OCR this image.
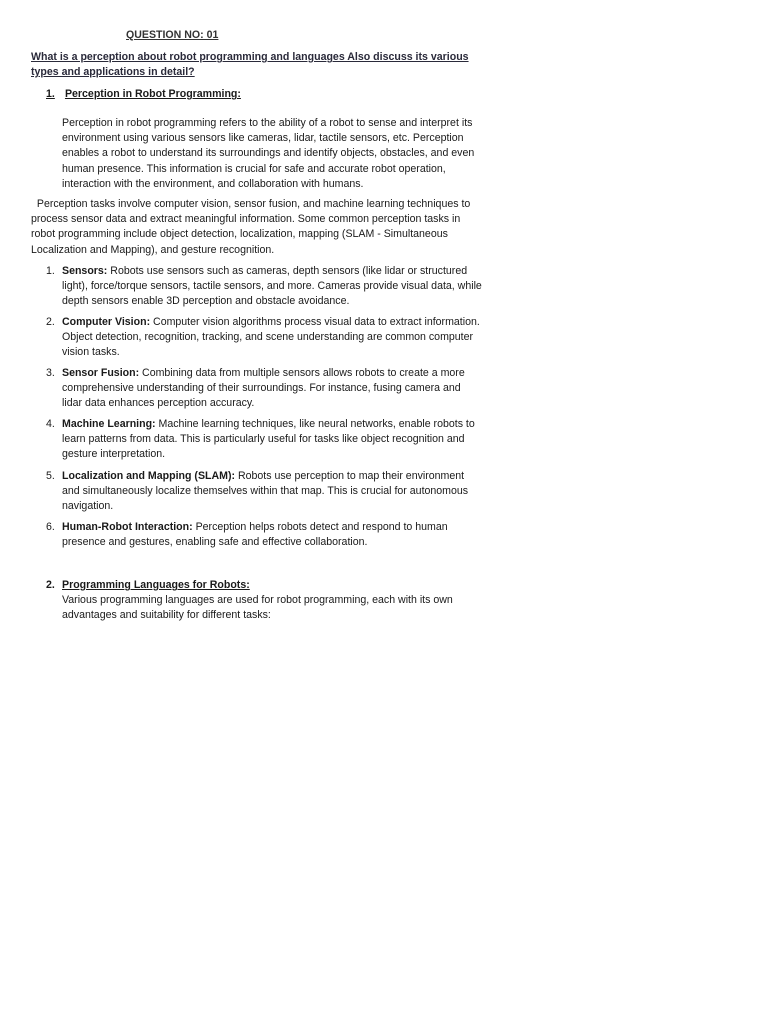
QUESTION NO: 01
What is a perception about robot programming and languages Also discuss its various types and applications in detail?
1. Perception in Robot Programming:
Perception in robot programming refers to the ability of a robot to sense and interpret its environment using various sensors like cameras, lidar, tactile sensors, etc. Perception enables a robot to understand its surroundings and identify objects, obstacles, and even human presence. This information is crucial for safe and accurate robot operation, interaction with the environment, and collaboration with humans.
Perception tasks involve computer vision, sensor fusion, and machine learning techniques to process sensor data and extract meaningful information. Some common perception tasks in robot programming include object detection, localization, mapping (SLAM - Simultaneous Localization and Mapping), and gesture recognition.
1. Sensors: Robots use sensors such as cameras, depth sensors (like lidar or structured light), force/torque sensors, tactile sensors, and more. Cameras provide visual data, while depth sensors enable 3D perception and obstacle avoidance.
2. Computer Vision: Computer vision algorithms process visual data to extract information. Object detection, recognition, tracking, and scene understanding are common computer vision tasks.
3. Sensor Fusion: Combining data from multiple sensors allows robots to create a more comprehensive understanding of their surroundings. For instance, fusing camera and lidar data enhances perception accuracy.
4. Machine Learning: Machine learning techniques, like neural networks, enable robots to learn patterns from data. This is particularly useful for tasks like object recognition and gesture interpretation.
5. Localization and Mapping (SLAM): Robots use perception to map their environment and simultaneously localize themselves within that map. This is crucial for autonomous navigation.
6. Human-Robot Interaction: Perception helps robots detect and respond to human presence and gestures, enabling safe and effective collaboration.
2. Programming Languages for Robots:
Various programming languages are used for robot programming, each with its own advantages and suitability for different tasks:
